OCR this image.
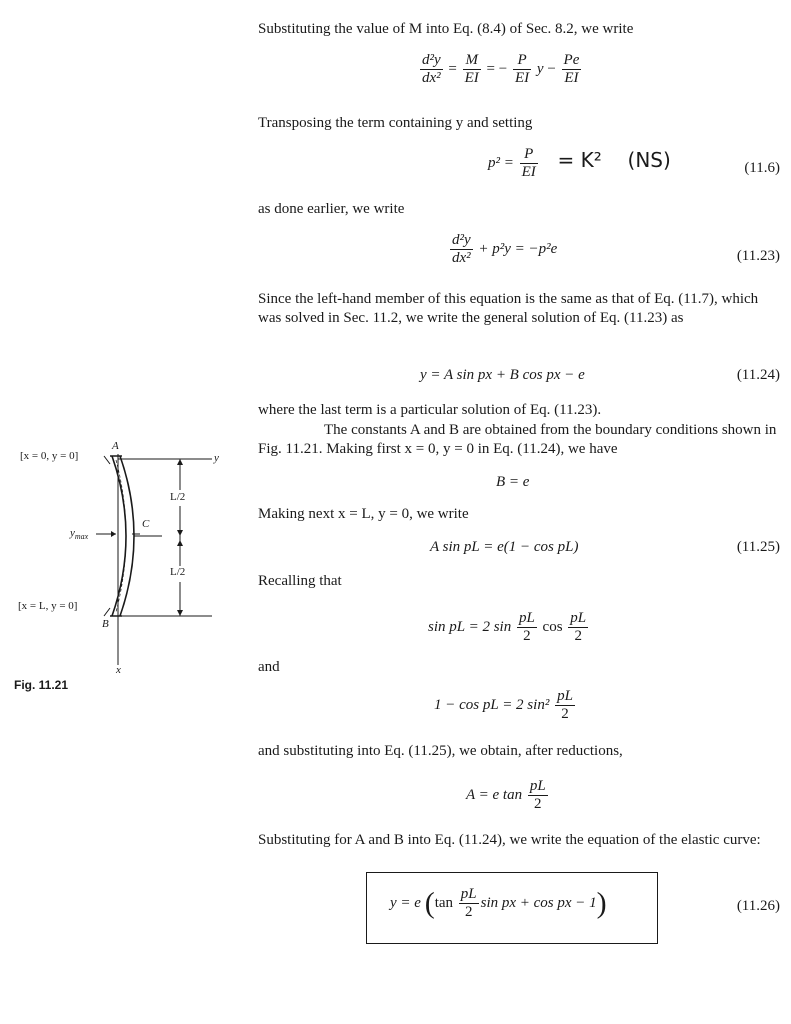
Substituting the value of M into Eq. (8.4) of Sec. 8.2, we write
$\frac{\text{d²y}}{\text{dx²}} = \frac{M}{EI}$ = − $\frac{P}{EI}$ $y - \frac{Pe}{EI}$
Transposing the term containing y and setting
$p^2 = \frac{P}{EI} = K^2$ (NS)	(11.6)
as done earlier, we write
$\frac{\text{d²y}}{\text{dx²}} + p^2y = -p^2e$	(11.23)
Since the left-hand member of this equation is the same as that of Eq. (11.7), which was solved in Sec. 11.2, we write the general solution of Eq. (11.23) as
y = A sin px + B cos px − e	(11.24)
where the last term is a particular solution of Eq. (11.23).
The constants A and B are obtained from the boundary conditions shown in Fig. 11.21. Making first x = 0, y = 0 in Eq. (11.24), we have
B = e
Making next x = L, y = 0, we write
A sin pL = e(1 − cos pL)	(11.25)
Recalling that
sin pL = 2 $\sin \frac{pL}{2}$ $\cos \frac{pL}{2}$
and
1 − cos pL = 2 $\sin^2 \frac{pL}{2}$
and substituting into Eq. (11.25), we obtain, after reductions,
A = e $\tan \frac{pL}{2}$
Substituting for A and B into Eq. (11.24), we write the equation of the elastic curve:
y = e ($\tan \frac{pL}{2}$ sin px + cos px − 1)	(11.26)
[x = 0, y = 0]
A
y
L/2
C
$y_{max}$
L/2
[x = L, y = 0]
B
x
Fig. 11.21
